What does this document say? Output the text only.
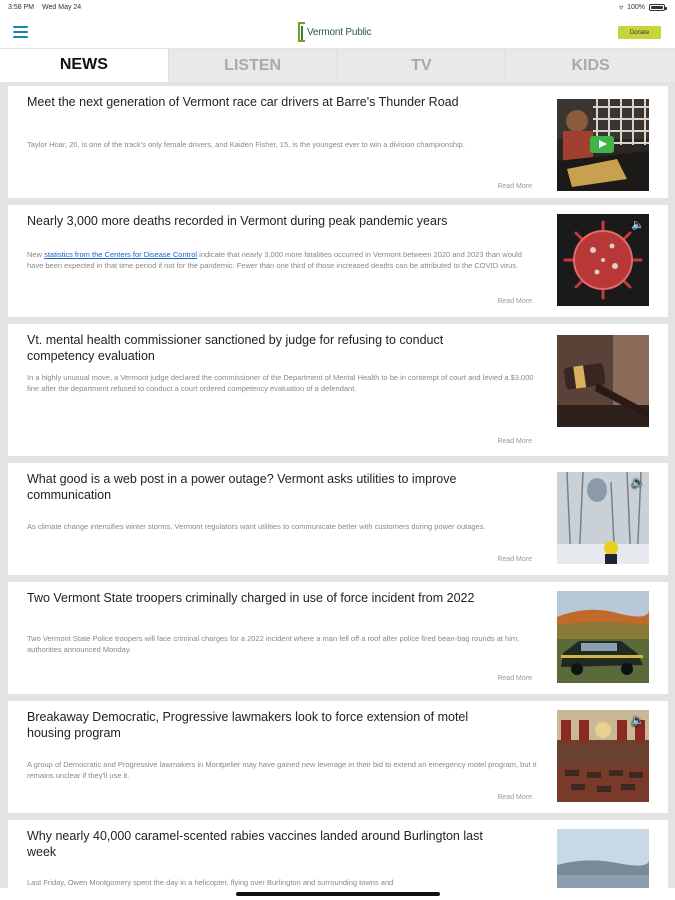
3:58 PM Wed May 24	▿ 100%
Vermont Public	Donate
NEWS	LISTEN	TV	KIDS
Meet the next generation of Vermont race car drivers at Barre's Thunder Road
Taylor Hoar, 20, is one of the track's only female drivers, and Kaiden Fisher, 15, is the youngest ever to win a division championship.
Read More
Nearly 3,000 more deaths recorded in Vermont during peak pandemic years
New statistics from the Centers for Disease Control indicate that nearly 3,000 more fatalities occurred in Vermont between 2020 and 2023 than would have been expected in that time period if not for the pandemic. Fewer than one third of those increased deaths can be attributed to the COVID virus.
Read More
🔈
Vt. mental health commissioner sanctioned by judge for refusing to conduct competency evaluation
In a highly unusual move, a Vermont judge declared the commissioner of the Department of Mental Health to be in contempt of court and levied a $3,000 fine after the department refused to conduct a court ordered competency evaluation of a defendant.
Read More
What good is a web post in a power outage? Vermont asks utilities to improve communication
As climate change intensifies winter storms, Vermont regulators want utilities to communicate better with customers during power outages.
Read More
🔈
Two Vermont State troopers criminally charged in use of force incident from 2022
Two Vermont State Police troopers will face criminal charges for a 2022 incident where a man fell off a roof after police fired bean-bag rounds at him, authorities announced Monday.
Read More
Breakaway Democratic, Progressive lawmakers look to force extension of motel housing program
A group of Democratic and Progressive lawmakers in Montpelier may have gained new leverage in their bid to extend an emergency motel program, but it remains unclear if they'll use it.
Read More
🔈
Why nearly 40,000 caramel-scented rabies vaccines landed around Burlington last week
Last Friday, Owen Montgomery spent the day in a helicopter, flying over Burlington and surrounding towns and
